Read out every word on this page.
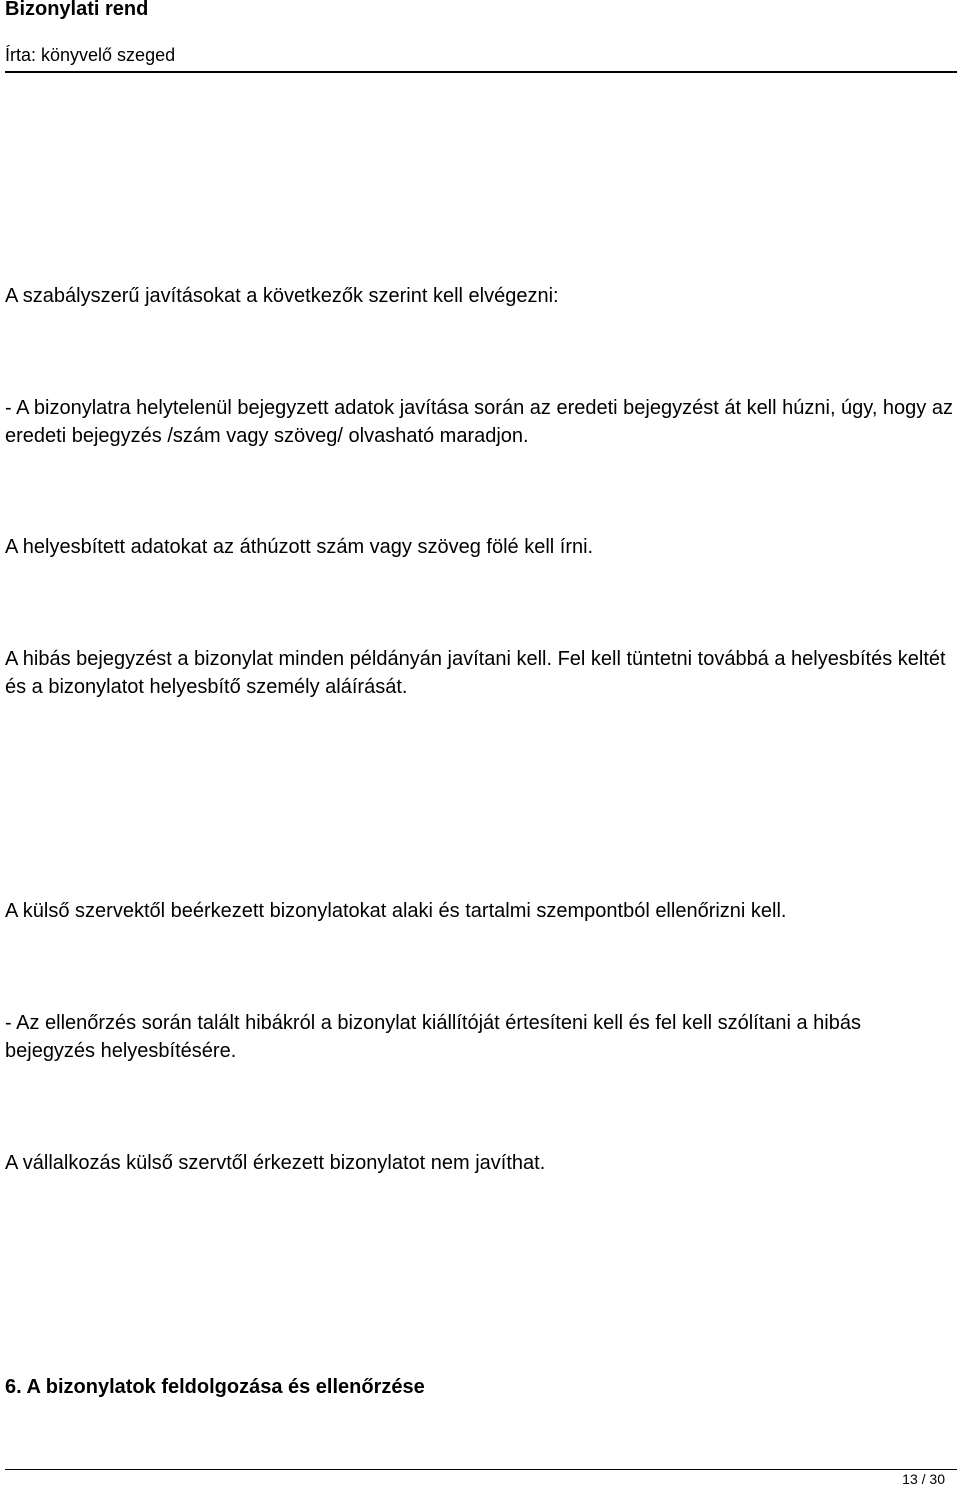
Bizonylati rend
Írta: könyvelő szeged

A szabályszerű javításokat a következők szerint kell elvégezni:

- A bizonylatra helytelenül bejegyzett adatok javítása során az eredeti bejegyzést át kell húzni, úgy, hogy az eredeti bejegyzés /szám vagy szöveg/ olvasható maradjon.

A helyesbített adatokat az áthúzott szám vagy szöveg fölé kell írni.

A hibás bejegyzést a bizonylat minden példányán javítani kell. Fel kell tüntetni továbbá a helyesbítés keltét és a bizonylatot helyesbítő személy aláírását.

A külső szervektől beérkezett bizonylatokat alaki és tartalmi szempontból ellenőrizni kell.

- Az ellenőrzés során talált hibákról a bizonylat kiállítóját értesíteni kell és fel kell szólítani a hibás bejegyzés helyesbítésére.

A vállalkozás külső szervtől érkezett bizonylatot nem javíthat.

6. A bizonylatok feldolgozása és ellenőrzése
13 / 30
